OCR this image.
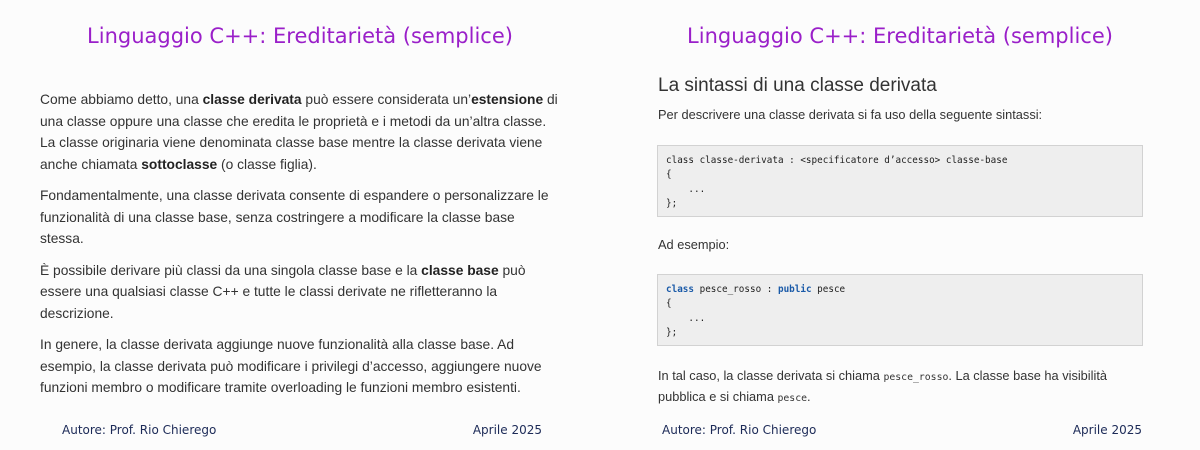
Linguaggio C++: Ereditarietà (semplice)

Come abbiamo detto, una classe derivata può essere considerata un’estensione di una classe oppure una classe che eredita le proprietà e i metodi da un’altra classe. La classe originaria viene denominata classe base mentre la classe derivata viene anche chiamata sottoclasse (o classe figlia).

Fondamentalmente, una classe derivata consente di espandere o personalizzare le funzionalità di una classe base, senza costringere a modificare la classe base stessa.

È possibile derivare più classi da una singola classe base e la classe base può essere una qualsiasi classe C++ e tutte le classi derivate ne rifletteranno la descrizione.

In genere, la classe derivata aggiunge nuove funzionalità alla classe base. Ad esempio, la classe derivata può modificare i privilegi d’accesso, aggiungere nuove funzioni membro o modificare tramite overloading le funzioni membro esistenti.

Autore: Prof. Rio Chierego	Aprile 2025
Linguaggio C++: Ereditarietà (semplice)
La sintassi di una classe derivata
Per descrivere una classe derivata si fa uso della seguente sintassi:
class classe-derivata : <specificatore d’accesso> classe-base
{
...
};
Ad esempio:
class pesce_rosso : public pesce
{
...
};
In tal caso, la classe derivata si chiama pesce_rosso. La classe base ha visibilità pubblica e si chiama pesce.
Autore: Prof. Rio Chierego	Aprile 2025
